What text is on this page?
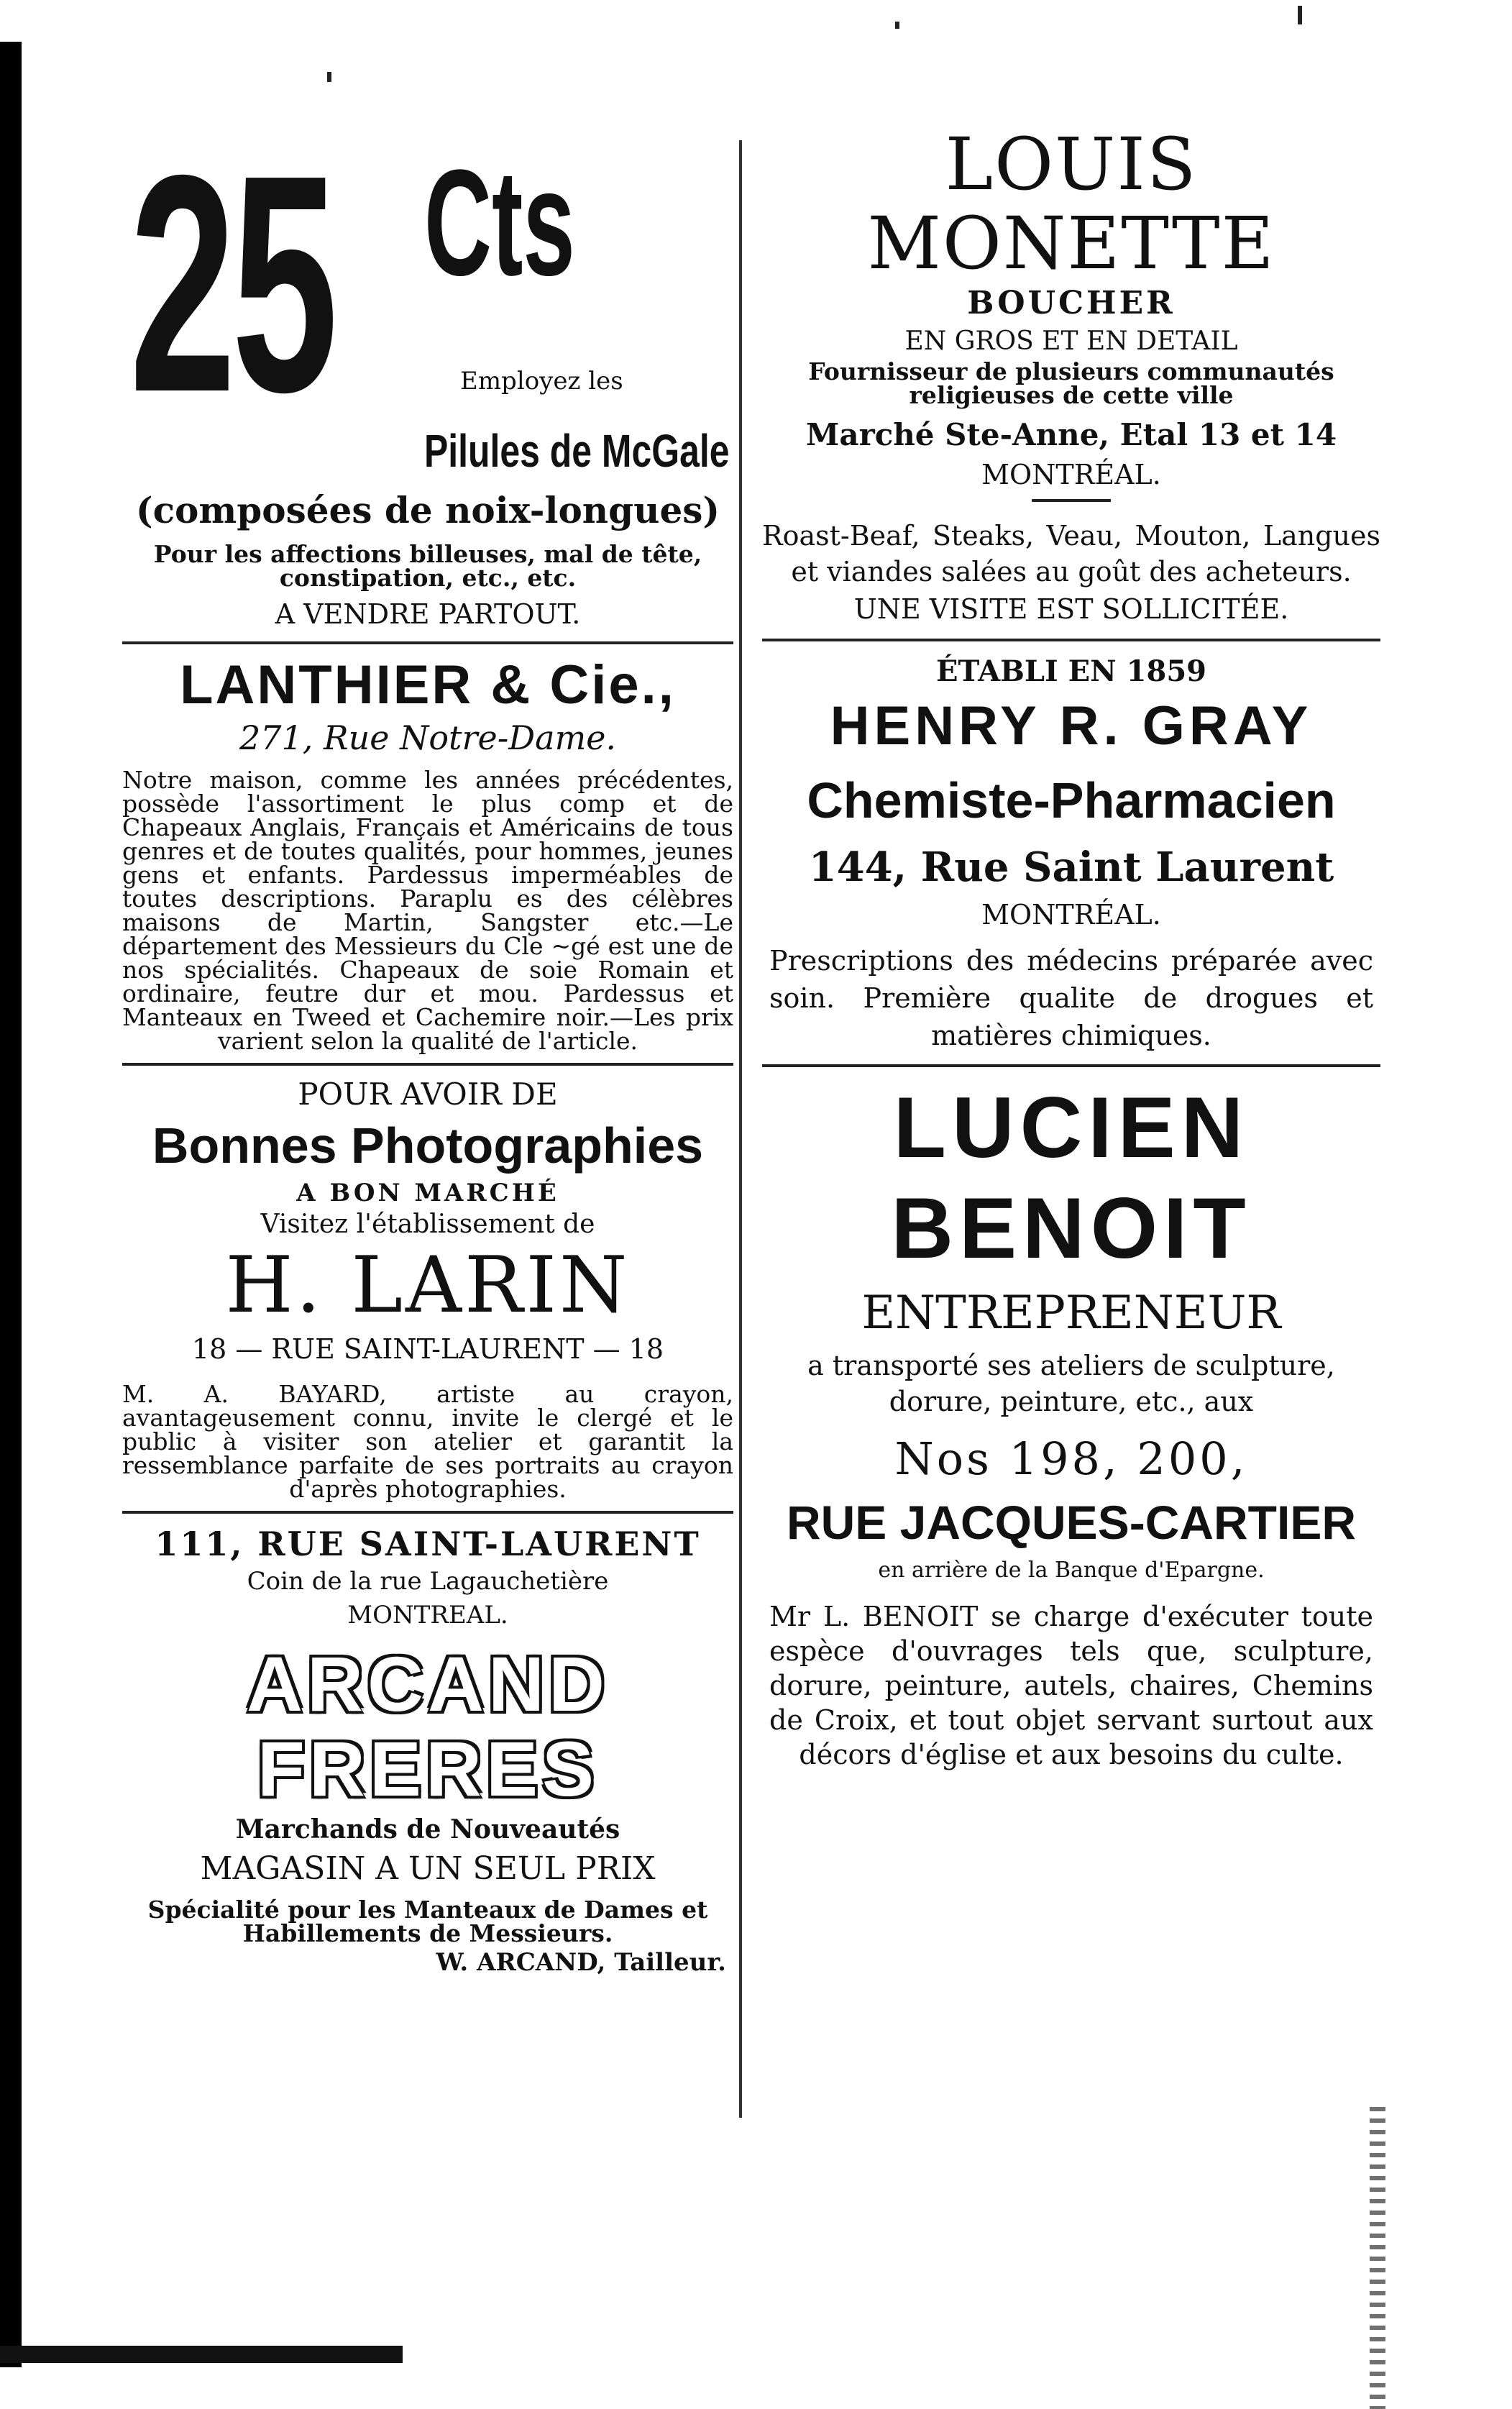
25 Cts
Employez les
Pilules de McGale
(composées de noix-longues)
Pour les affections billeuses, mal de tête, constipation, etc., etc.
A VENDRE PARTOUT.
LANTHIER & Cie.,
271, Rue Notre-Dame.
Notre maison, comme les années précédentes, possède l'assortiment le plus comp et de Chapeaux Anglais, Français et Américains de tous genres et de toutes qualités, pour hommes, jeunes gens et enfants. Pardessus imperméables de toutes descriptions. Paraplu es des célèbres maisons de Martin, Sangster etc.—Le département des Messieurs du Cle ~gé est une de nos spécialités. Chapeaux de soie Romain et ordinaire, feutre dur et mou. Pardessus et Manteaux en Tweed et Cachemire noir.—Les prix varient selon la qualité de l'article.
POUR AVOIR DE
Bonnes Photographies
A BON MARCHÉ
Visitez l'établissement de
H. LARIN
18 — RUE SAINT-LAURENT — 18
M. A. BAYARD, artiste au crayon, avantageusement connu, invite le clergé et le public à visiter son atelier et garantit la ressemblance parfaite de ses portraits au crayon d'après photographies.
111, RUE SAINT-LAURENT
Coin de la rue Lagauchetière
MONTREAL.
ARCAND FRERES
Marchands de Nouveautés
MAGASIN A UN SEUL PRIX
Spécialité pour les Manteaux de Dames et Habillements de Messieurs.
W. ARCAND, Tailleur.
LOUIS MONETTE
BOUCHER
EN GROS ET EN DETAIL
Fournisseur de plusieurs communautés religieuses de cette ville
Marché Ste-Anne, Etal 13 et 14
MONTRÉAL.
Roast-Beaf, Steaks, Veau, Mouton, Langues et viandes salées au goût des acheteurs.
UNE VISITE EST SOLLICITÉE.
ÉTABLI EN 1859
HENRY R. GRAY
Chemiste-Pharmacien
144, Rue Saint Laurent
MONTRÉAL.
Prescriptions des médecins préparée avec soin. Première qualite de drogues et matières chimiques.
LUCIEN BENOIT
ENTREPRENEUR
a transporté ses ateliers de sculpture, dorure, peinture, etc., aux
Nos 198, 200,
RUE JACQUES-CARTIER
en arrière de la Banque d'Epargne.
Mr L. BENOIT se charge d'exécuter toute espèce d'ouvrages tels que, sculpture, dorure, peinture, autels, chaires, Chemins de Croix, et tout objet servant surtout aux décors d'église et aux besoins du culte.
